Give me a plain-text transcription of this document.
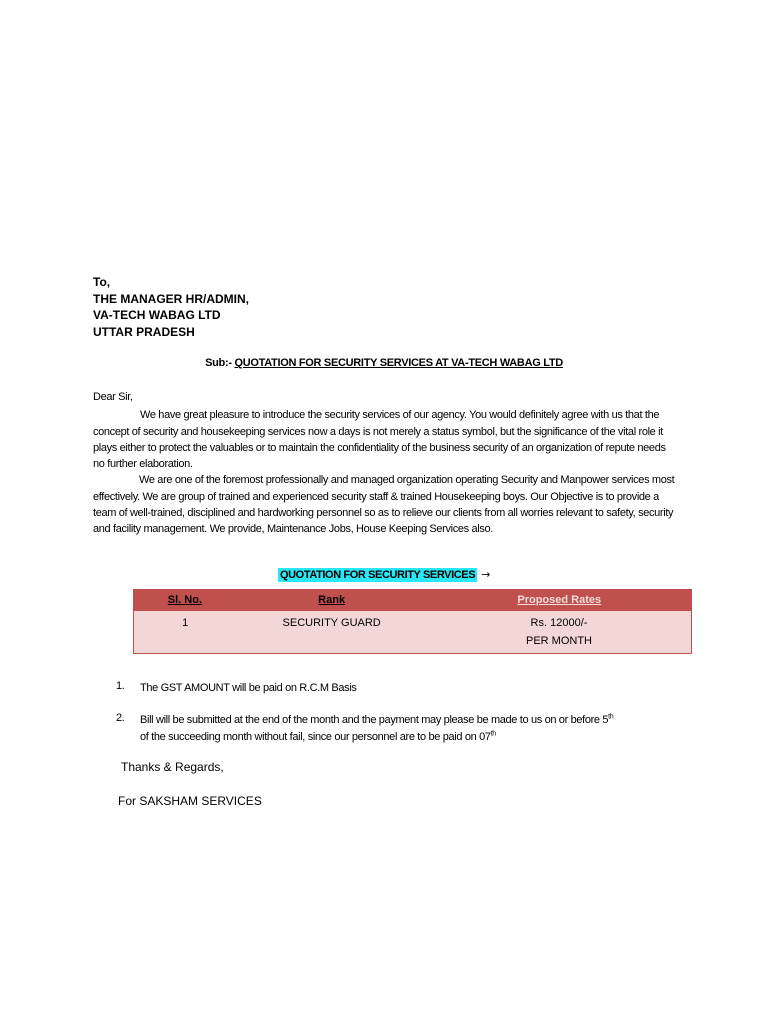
To,
THE MANAGER HR/ADMIN,
VA-TECH WABAG LTD
UTTAR PRADESH
Sub:- QUOTATION FOR SECURITY SERVICES AT VA-TECH WABAG LTD

Dear Sir,

We have great pleasure to introduce the security services of our agency. You would definitely agree with us that the concept of security and housekeeping services now a days is not merely a status symbol, but the significance of the vital role it plays either to protect the valuables or to maintain the confidentiality of the business security of an organization of repute needs no further elaboration.

We are one of the foremost professionally and managed organization operating Security and Manpower services most effectively. We are group of trained and experienced security staff & trained Housekeeping boys. Our Objective is to provide a team of well-trained, disciplined and hardworking personnel so as to relieve our clients from all worries relevant to safety, security and facility management. We provide, Maintenance Jobs, House Keeping Services also.

QUOTATION FOR SECURITY SERVICES →
Sl. No.	Rank	Proposed Rates
1	SECURITY GUARD	Rs. 12000/-
PER MONTH
1.	The GST AMOUNT will be paid on R.C.M Basis
2.	Bill will be submitted at the end of the month and the payment may please be made to us on or before 5th
of the succeeding month without fail, since our personnel are to be paid on 07th
Thanks & Regards,
For SAKSHAM SERVICES
